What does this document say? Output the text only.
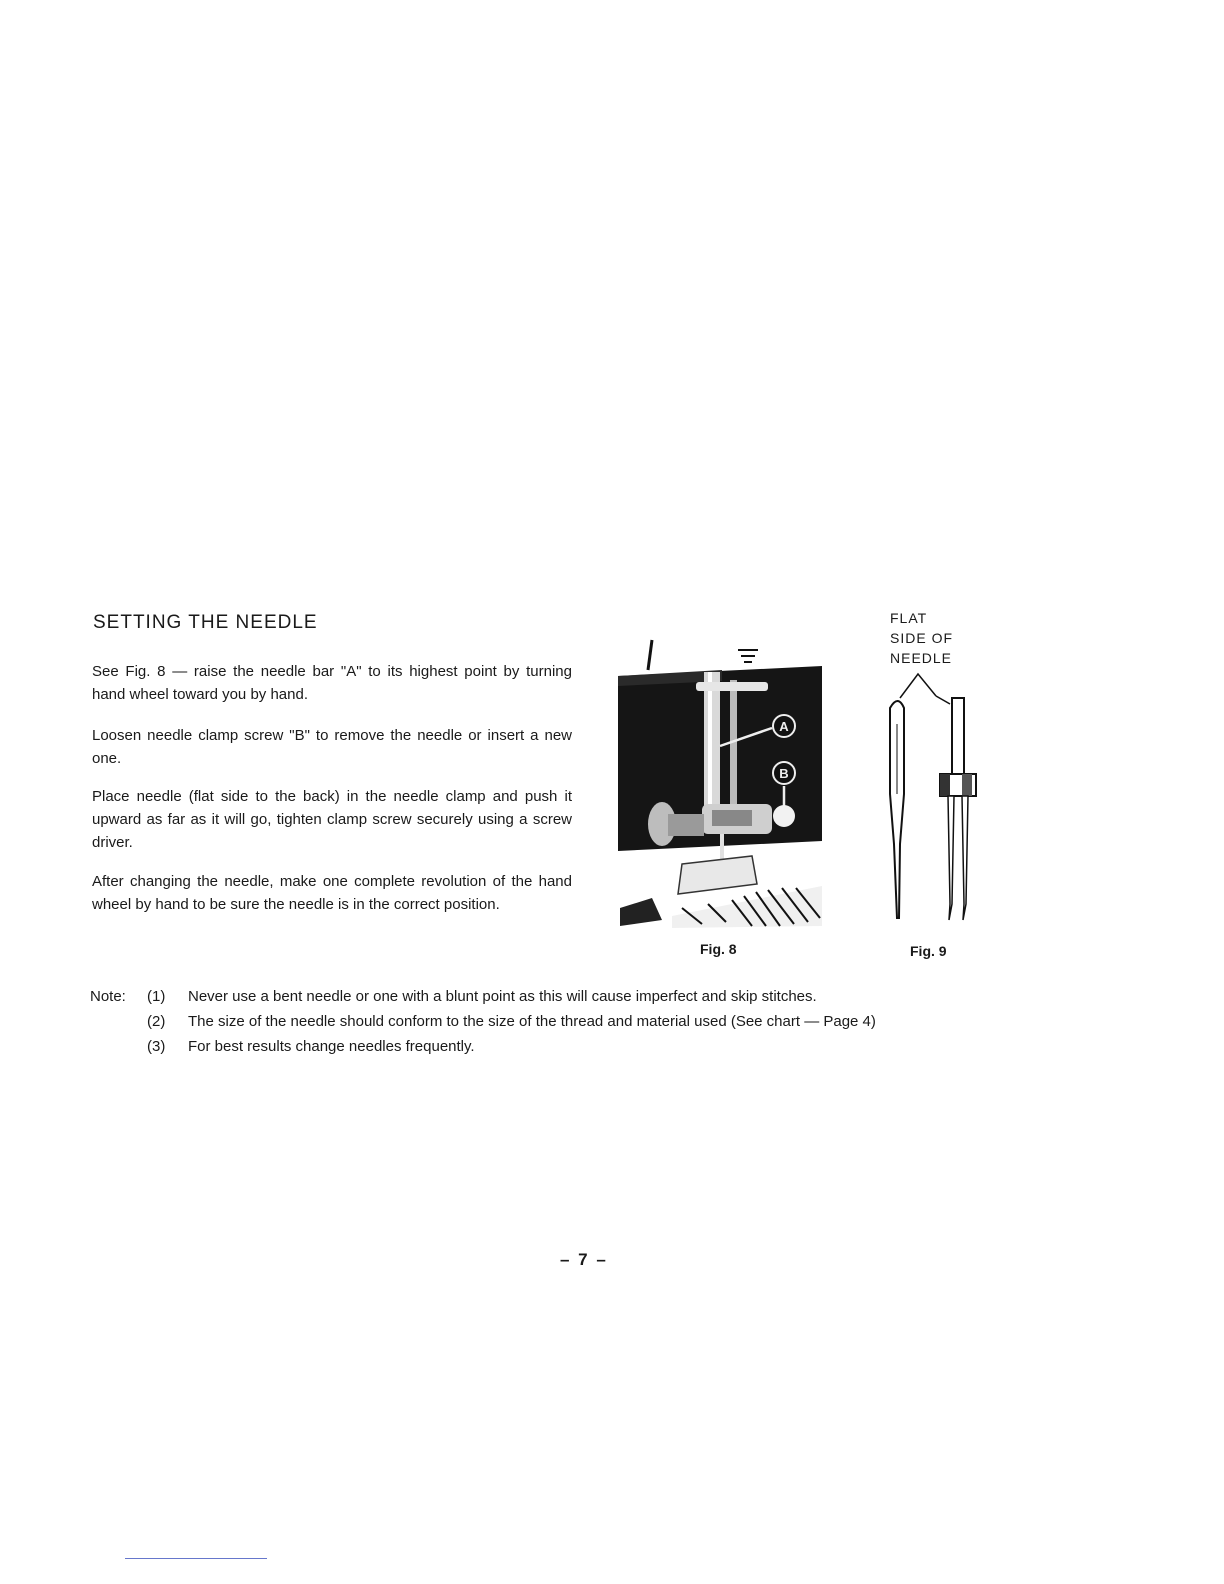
SETTING THE NEEDLE

See Fig. 8 — raise the needle bar "A" to its highest point by turning hand wheel toward you by hand.

Loosen needle clamp screw "B" to remove the needle or insert a new one.

Place needle (flat side to the back) in the needle clamp and push it upward as far as it will go, tighten clamp screw securely using a screw driver.

After changing the needle, make one complete revolution of the hand wheel by hand to be sure the needle is in the correct position.

A
B
Fig. 8
FLAT
SIDE OF
NEEDLE
Fig. 9
Note: (1) Never use a bent needle or one with a blunt point as this will cause imperfect and skip stitches.
(2) The size of the needle should conform to the size of the thread and material used (See chart — Page 4)
(3) For best results change needles frequently.
– 7 –
